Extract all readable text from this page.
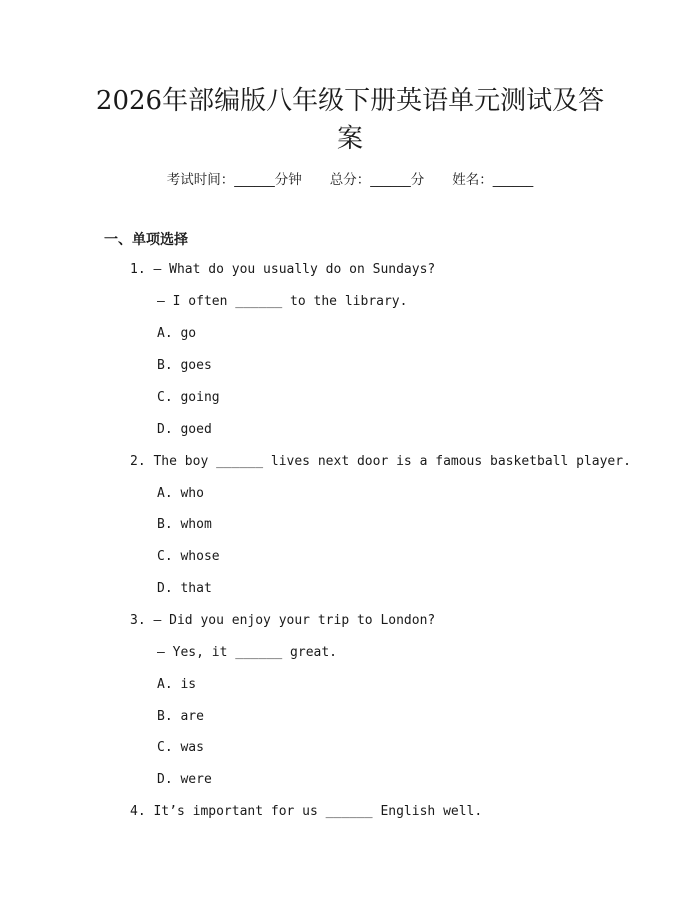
2026年部编版八年级下册英语单元测试及答案
考试时间：______分钟 总分：______分 姓名：______
一、单项选择
1. — What do you usually do on Sundays?
— I often ______ to the library.
A. go
B. goes
C. going
D. goed
2. The boy ______ lives next door is a famous basketball player.
A. who
B. whom
C. whose
D. that
3. — Did you enjoy your trip to London?
— Yes, it ______ great.
A. is
B. are
C. was
D. were
4. It’s important for us ______ English well.
